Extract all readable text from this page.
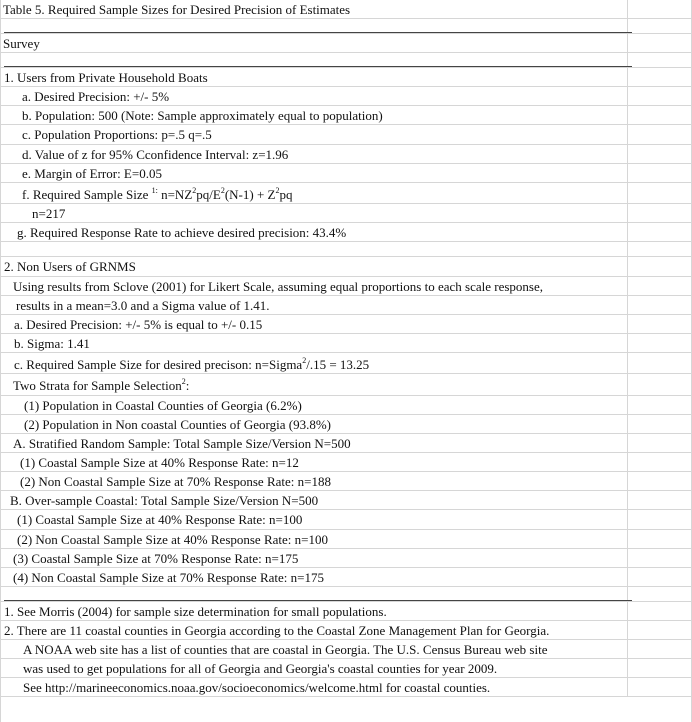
Table 5. Required Sample Sizes for Desired Precision of Estimates
Survey
1. Users from Private Household Boats
a. Desired Precision: +/- 5%
b. Population: 500 (Note: Sample approximately equal to population)
c. Population Proportions: p=.5 q=.5
d. Value of z for 95% Cconfidence Interval: z=1.96
e. Margin of Error: E=0.05
f. Required Sample Size $^{1:}$ $n=NZ^2pq/E^2(N-1) + Z^2pq$
n=217
g. Required Response Rate to achieve desired precision: 43.4%
2. Non Users of GRNMS
Using results from Sclove (2001) for Likert Scale, assuming equal proportions to each scale response,
results in a mean=3.0 and a Sigma value of 1.41.
a. Desired Precision: +/- 5% is equal to +/- 0.15
b. Sigma: 1.41
c. Required Sample Size for desired precison: n=Sigma$^2$/.15 = 13.25
Two Strata for Sample Selection$^2$:
(1) Population in Coastal Counties of Georgia (6.2%)
(2) Population in Non coastal Counties of Georgia (93.8%)
A. Stratified Random Sample: Total Sample Size/Version N=500
(1) Coastal Sample Size at 40% Response Rate: n=12
(2) Non Coastal Sample Size at 70% Response Rate: n=188
B. Over-sample Coastal: Total Sample Size/Version N=500
(1) Coastal Sample Size at 40% Response Rate: n=100
(2) Non Coastal Sample Size at 40% Response Rate: n=100
(3) Coastal Sample Size at 70% Response Rate: n=175
(4) Non Coastal Sample Size at 70% Response Rate: n=175
1. See Morris (2004) for sample size determination for small populations.
2. There are 11 coastal counties in Georgia according to the Coastal Zone Management Plan for Georgia.
A NOAA web site has a list of counties that are coastal in Georgia. The U.S. Census Bureau web site
was used to get populations for all of Georgia and Georgia's coastal counties for year 2009.
See http://marineeconomics.noaa.gov/socioeconomics/welcome.html for coastal counties.
